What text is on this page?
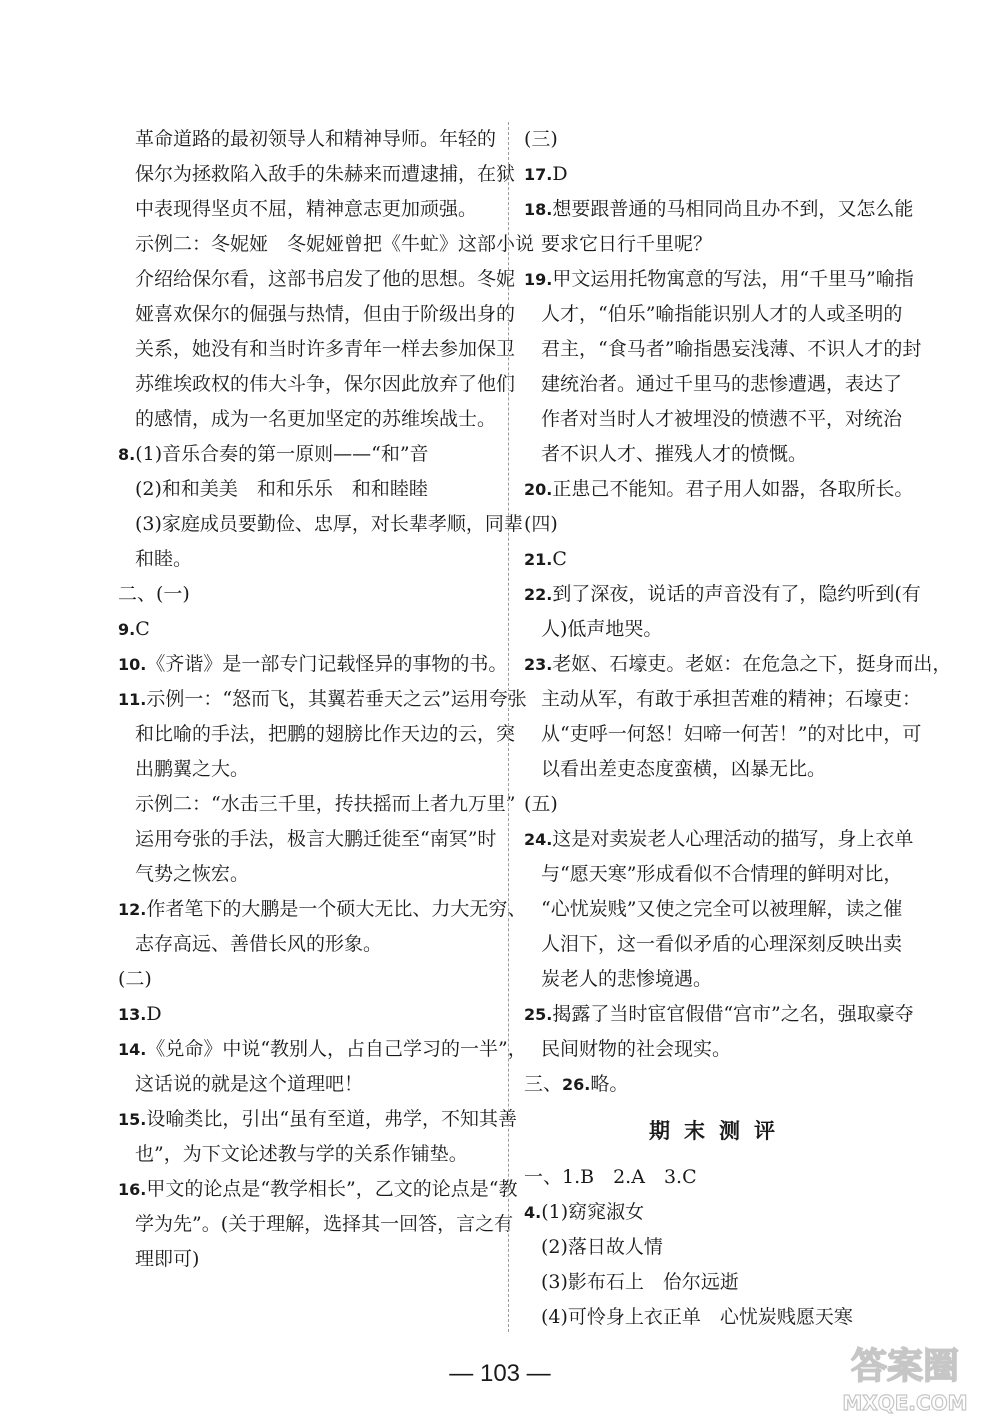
革命道路的最初领导人和精神导师。年轻的
保尔为拯救陷入敌手的朱赫来而遭逮捕，在狱
中表现得坚贞不屈，精神意志更加顽强。
示例二：冬妮娅　冬妮娅曾把《牛虻》这部小说
介绍给保尔看，这部书启发了他的思想。冬妮
娅喜欢保尔的倔强与热情，但由于阶级出身的
关系，她没有和当时许多青年一样去参加保卫
苏维埃政权的伟大斗争，保尔因此放弃了他们
的感情，成为一名更加坚定的苏维埃战士。
8.(1)音乐合奏的第一原则——“和”音
(2)和和美美　和和乐乐　和和睦睦
(3)家庭成员要勤俭、忠厚，对长辈孝顺，同辈
和睦。
二、(一)
9.C
10.《齐谐》是一部专门记载怪异的事物的书。
11.示例一：“怒而飞，其翼若垂天之云”运用夸张
和比喻的手法，把鹏的翅膀比作天边的云，突
出鹏翼之大。
示例二：“水击三千里，抟扶摇而上者九万里”
运用夸张的手法，极言大鹏迁徙至“南冥”时
气势之恢宏。
12.作者笔下的大鹏是一个硕大无比、力大无穷、
志存高远、善借长风的形象。
(二)
13.D
14.《兑命》中说“教别人，占自己学习的一半”，
这话说的就是这个道理吧！
15.设喻类比，引出“虽有至道，弗学，不知其善
也”，为下文论述教与学的关系作铺垫。
16.甲文的论点是“教学相长”，乙文的论点是“教
学为先”。(关于理解，选择其一回答，言之有
理即可)
(三)
17.D
18.想要跟普通的马相同尚且办不到，又怎么能
要求它日行千里呢？
19.甲文运用托物寓意的写法，用“千里马”喻指
人才，“伯乐”喻指能识别人才的人或圣明的
君主，“食马者”喻指愚妄浅薄、不识人才的封
建统治者。通过千里马的悲惨遭遇，表达了
作者对当时人才被埋没的愤懑不平，对统治
者不识人才、摧残人才的愤慨。
20.正患己不能知。君子用人如器，各取所长。
(四)
21.C
22.到了深夜，说话的声音没有了，隐约听到(有
人)低声地哭。
23.老妪、石壕吏。老妪：在危急之下，挺身而出，
主动从军，有敢于承担苦难的精神；石壕吏：
从“吏呼一何怒！妇啼一何苦！”的对比中，可
以看出差吏态度蛮横，凶暴无比。
(五)
24.这是对卖炭老人心理活动的描写，身上衣单
与“愿天寒”形成看似不合情理的鲜明对比，
“心忧炭贱”又使之完全可以被理解，读之催
人泪下，这一看似矛盾的心理深刻反映出卖
炭老人的悲惨境遇。
25.揭露了当时宦官假借“宫市”之名，强取豪夺
民间财物的社会现实。
三、26.略。
期末测评
一、1.B　2.A　3.C
4.(1)窈窕淑女
(2)落日故人情
(3)影布石上　佁尔远逝
(4)可怜身上衣正单　心忧炭贱愿天寒
— 103 —	答案圈
MXQE.COM
